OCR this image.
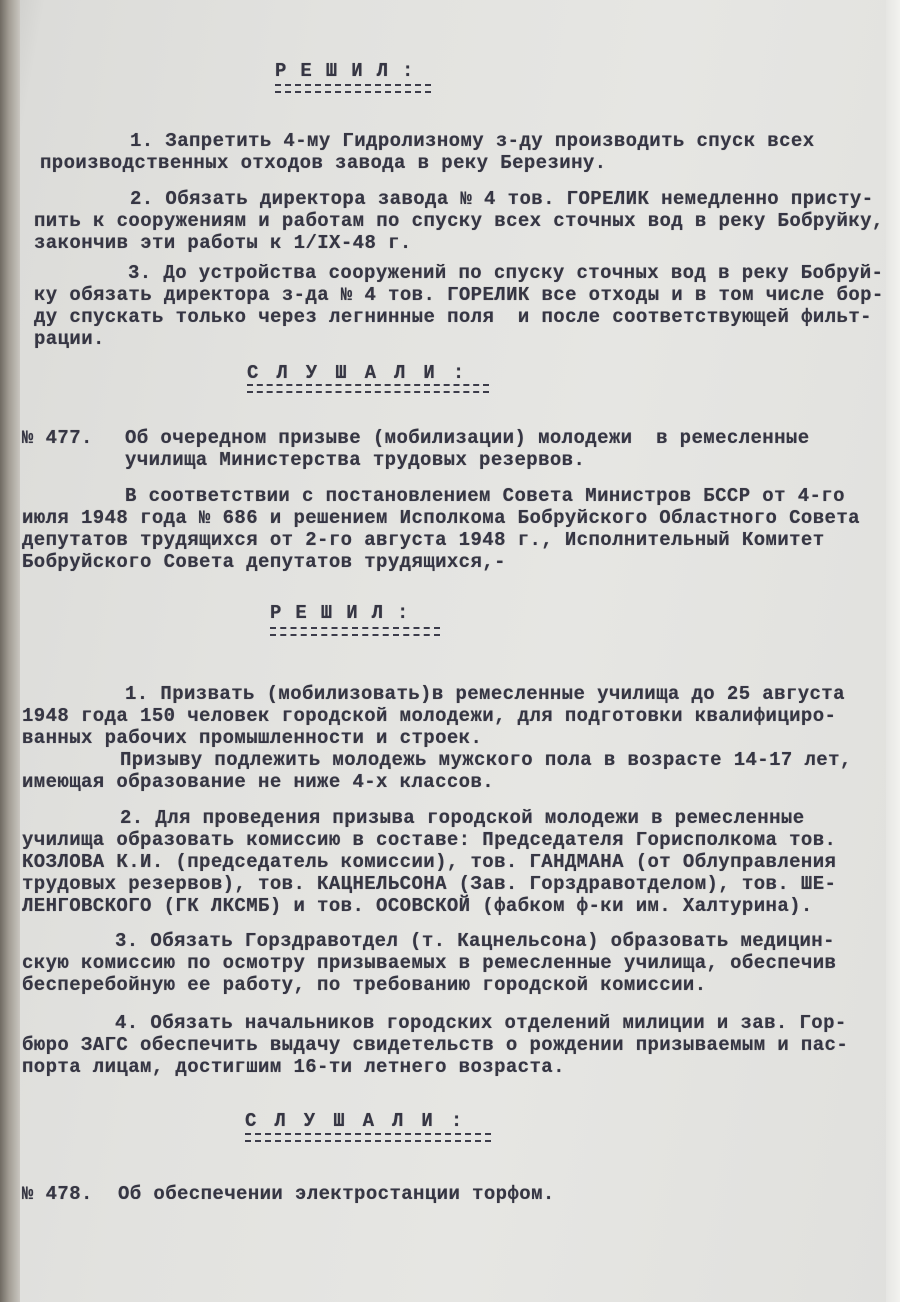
РЕШИЛ:
1. Запретить 4-му Гидролизному з-ду производить спуск всех
производственных отходов завода в реку Березину.
2. Обязать директора завода № 4 тов. ГОРЕЛИК немедленно присту-
пить к сооружениям и работам по спуску всех сточных вод в реку Бобруйку,
закончив эти работы к 1/IX-48 г.
3. До устройства сооружений по спуску сточных вод в реку Бобруй-
ку обязать директора з-да № 4 тов. ГОРЕЛИК все отходы и в том числе бор-
ду спускать только через легнинные поля  и после соответствующей фильт-
рации.
СЛУШАЛИ:
№ 477. Об очередном призыве (мобилизации) молодежи  в ремесленные
училища Министерства трудовых резервов.
В соответствии с постановлением Совета Министров БССР от 4-го
июля 1948 года № 686 и решением Исполкома Бобруйского Областного Совета
депутатов трудящихся от 2-го августа 1948 г., Исполнительный Комитет
Бобруйского Совета депутатов трудящихся,-
РЕШИЛ:
1. Призвать (мобилизовать)в ремесленные училища до 25 августа
1948 года 150 человек городской молодежи, для подготовки квалифициро-
ванных рабочих промышленности и строек.
Призыву подлежить молодежь мужского пола в возрасте 14-17 лет,
имеющая образование не ниже 4-х классов.
2. Для проведения призыва городской молодежи в ремесленные
училища образовать комиссию в составе: Председателя Горисполкома тов.
КОЗЛОВА К.И. (председатель комиссии), тов. ГАНДМАНА (от Облуправления
трудовых резервов), тов. КАЦНЕЛЬСОНА (Зав. Горздравотделом), тов. ШЕ-
ЛЕНГОВСКОГО (ГК ЛКСМБ) и тов. ОСОВСКОЙ (фабком ф-ки им. Халтурина).
3. Обязать Горздравотдел (т. Кацнельсона) образовать медицин-
скую комиссию по осмотру призываемых в ремесленные училища, обеспечив
бесперебойную ее работу, по требованию городской комиссии.
4. Обязать начальников городских отделений милиции и зав. Гор-
бюро ЗАГС обеспечить выдачу свидетельств о рождении призываемым и пас-
порта лицам, достигшим 16-ти летнего возраста.
СЛУШАЛИ:
№ 478. Об обеспечении электростанции торфом.
